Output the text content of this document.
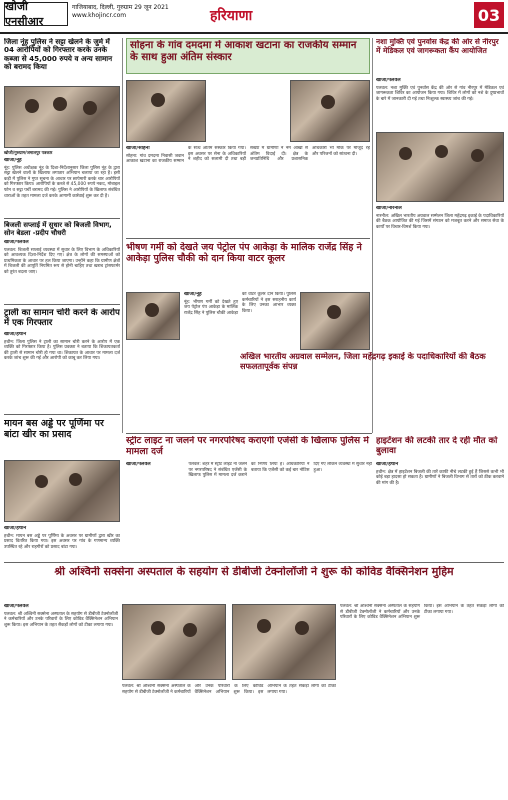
खोजी एनसीआर
गाजियाबाद, दिल्ली, गुरुग्राम 29 जून 2021
www.khojincr.com	हरियाणा	03
जिला नूंह पुलिस ने सट्टा खेलने के जुर्म में 04 आरोपियों को गिरफ्तार करके उनके कब्जा से 45,000 रुपये व अन्य सामान को बरामद किया
खोजी/गुरुग्राम/जमालपुर पत्रकार
खोजी/नूंह

नूंह: पुलिस अधीक्षक नूंह के दिशा-निर्देशानुसार जिला पुलिस नूंह के द्वारा सट्टा खेलने वालों के खिलाफ लगातार अभियान चलाया जा रहा है। इसी कड़ी में पुलिस ने गुप्त सूचना के आधार पर छापेमारी करके चार आरोपियों को गिरफ्तार किया। आरोपियों के कब्जे से 45,000 रुपये नकद, मोबाइल फोन व सट्टा पर्ची बरामद की गई। पुलिस ने आरोपियों के खिलाफ संबंधित धाराओं के तहत मामला दर्ज करके आगामी कार्रवाई शुरू कर दी है।

बिजली सप्लाई में सुधार को बिजली विभाग, सोन बेडला -प्रदीप चौधरी
खोजी/पलवल

पलवल: बिजली सप्लाई व्यवस्था में सुधार के लिए विभाग के अधिकारियों को आवश्यक दिशा-निर्देश दिए गए। क्षेत्र के लोगों की समस्याओं को प्राथमिकता के आधार पर हल किया जाएगा। उन्होंने कहा कि ग्रामीण क्षेत्रों में बिजली की आपूर्ति नियमित रूप से होनी चाहिए तथा खराब ट्रांसफार्मर को तुरंत बदला जाए।

ट्राली का सामान चोरी करने के आरोप में एक गिरफ्तार
खोजी/हथीन

हथीन: जिला पुलिस ने ट्राली का सामान चोरी करने के आरोप में एक व्यक्ति को गिरफ्तार किया है। पुलिस प्रवक्ता ने बताया कि शिकायतकर्ता की ट्राली से सामान चोरी हो गया था। शिकायत के आधार पर मामला दर्ज करके जांच शुरू की गई और आरोपी को काबू कर लिया गया।

मायन बस अड्डे पर पूर्णिमा पर बांटा खीर का प्रसाद
खोजी/हथीन

हथीन: मायन बस अड्डे पर पूर्णिमा के अवसर पर ग्रामीणों द्वारा खीर का प्रसाद वितरित किया गया। इस अवसर पर गांव के गणमान्य व्यक्ति उपस्थित रहे और राहगीरों को प्रसाद बांटा गया।

सोहना के गांव दमदमा में आकाश खटाना का राजकीय सम्मान के साथ हुआ अंतिम संस्कार
खोजी/सोहना

सोहना: गांव दमदमा निवासी जवान आकाश खटाना का राजकीय सम्मान के साथ अंतिम संस्कार किया गया। इस अवसर पर सेना के अधिकारियों ने शहीद को सलामी दी तथा बड़ी संख्या में ग्रामीणों ने नम आंखों से अंतिम विदाई दी। क्षेत्र के जनप्रतिनिधि और प्रशासनिक अधिकारी भी मौके पर मौजूद रहे और परिजनों को सांत्वना दी।

भीषण गर्मी को देखते जय पेट्रोल पंप आकेड़ा के मालिक राजेंद्र सिंह ने आकेड़ा पुलिस चौकी को दान किया वाटर कूलर
खोजी/नूंह

नूंह: भीषण गर्मी को देखते हुए जय पेट्रोल पंप आकेड़ा के मालिक राजेंद्र सिंह ने पुलिस चौकी आकेड़ा को वाटर कूलर दान किया। पुलिस कर्मचारियों ने इस सराहनीय कार्य के लिए उनका आभार व्यक्त किया।

नशा मुक्ति एवं पुनर्वास केंद्र की ओर से नीरपुर में मेडिकल एवं जागरूकता कैंप आयोजित
खोजी/पलवल

पलवल: नशा मुक्ति एवं पुनर्वास केंद्र की ओर से गांव नीरपुर में मेडिकल एवं जागरूकता शिविर का आयोजन किया गया। शिविर में लोगों को नशे के दुष्प्रभावों के बारे में जानकारी दी गई तथा निःशुल्क स्वास्थ्य जांच की गई।

अखिल भारतीय अग्रवाल सम्मेलन, जिला महेंद्रगढ़ इकाई के पदाधिकारियों की बैठक सफलतापूर्वक संपन्न
खोजी/नारनौल

नारनौल: अखिल भारतीय अग्रवाल सम्मेलन जिला महेंद्रगढ़ इकाई के पदाधिकारियों की बैठक आयोजित की गई जिसमें संगठन को मजबूत करने और समाज सेवा के कार्यों पर विचार-विमर्श किया गया।

हाइटेंशन की लटकी तार दे रही मौत को बुलावा
खोजी/हथीन

हथीन: क्षेत्र में हाइटेंशन बिजली की तारें काफी नीचे लटकी हुई हैं जिससे कभी भी कोई बड़ा हादसा हो सकता है। ग्रामीणों ने बिजली विभाग से तारों को ठीक करवाने की मांग की है।

स्ट्रीट लाइट ना जलने पर नगरपरिषद कराएगी एजेंसी के खिलाफ पुलिस में मामला दर्ज
खोजी/पलवल	पलवल: शहर में स्ट्रीट लाइट ना जलने पर नगरपरिषद ने संबंधित एजेंसी के खिलाफ पुलिस में मामला दर्ज कराने का निर्णय लिया है। अधिकारियों ने बताया कि एजेंसी को कई बार नोटिस दिए गए लेकिन व्यवस्था में सुधार नहीं हुआ।

श्री अश्विनी सक्सेना अस्पताल के सहयोग से डीबीजी टेक्नोलॉजी ने शुरू की कोविड वैक्सिनेशन मुहिम
खोजी/पलवल

पलवल: श्री अश्विनी सक्सेना अस्पताल के सहयोग से डीबीजी टेक्नोलॉजी ने कर्मचारियों और उनके परिवारों के लिए कोविड वैक्सिनेशन अभियान शुरू किया। इस अभियान के तहत सैकड़ों लोगों को टीका लगाया गया।

पलवल: श्री अश्विनी सक्सेना अस्पताल के सहयोग से डीबीजी टेक्नोलॉजी ने कर्मचारियों और उनके परिवारों के लिए कोविड वैक्सिनेशन अभियान शुरू किया। इस अभियान के तहत सैकड़ों लोगों को टीका लगाया गया।

पलवल: श्री अश्विनी सक्सेना अस्पताल के सहयोग से डीबीजी टेक्नोलॉजी ने कर्मचारियों और उनके परिवारों के लिए कोविड वैक्सिनेशन अभियान शुरू किया। इस अभियान के तहत सैकड़ों लोगों को टीका लगाया गया।
